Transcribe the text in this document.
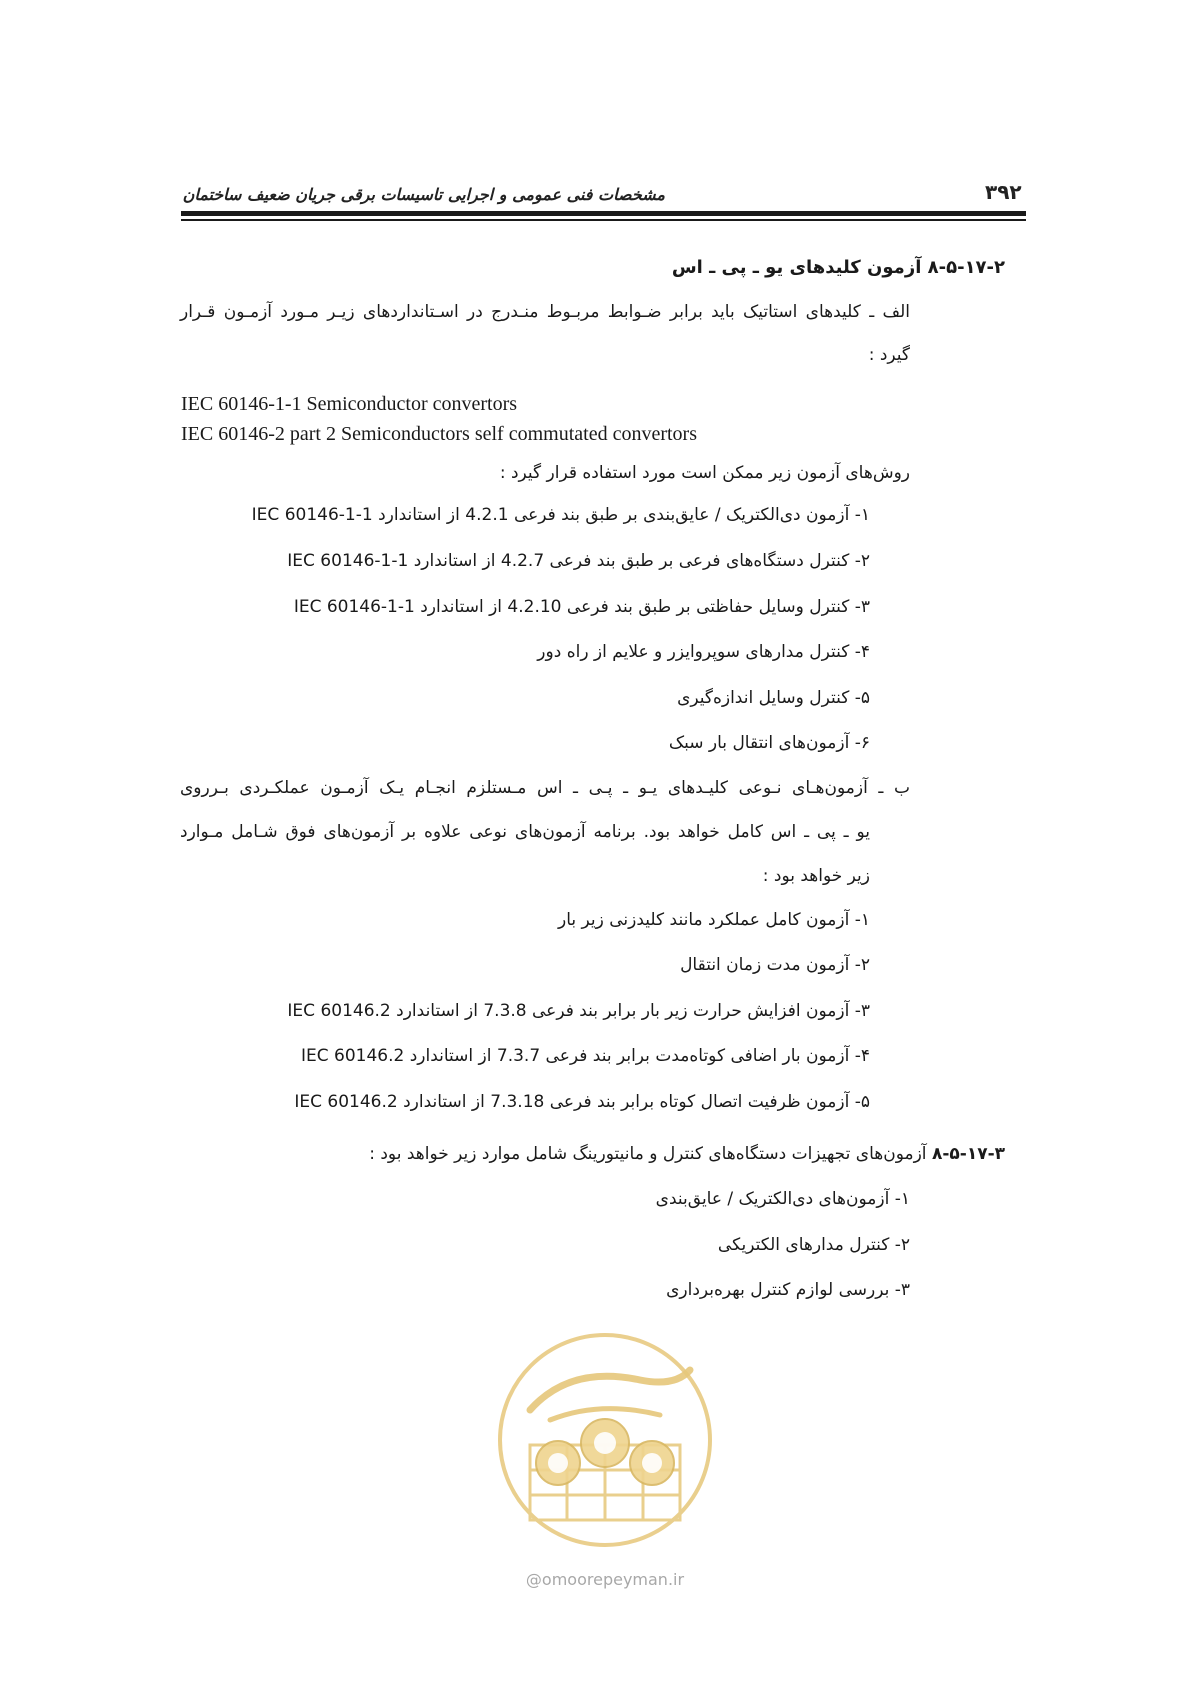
مشخصات فنی عمومی و اجرایی تاسیسات برقی جریان ضعیف ساختمان	۳۹۲
۸-۵-۱۷-۲ آزمون کلیدهای یو ـ پی ـ اس
الف ـ کلیدهای استاتیک باید برابر ضـوابط مربـوط منـدرج در اسـتانداردهای زیـر مـورد آزمـون قـرار
گیرد :
IEC 60146-1-1 Semiconductor convertors
IEC 60146-2 part 2 Semiconductors self commutated convertors
روش‌های آزمون زیر ممکن است مورد استفاده قرار گیرد :
۱- آزمون دی‌الکتریک / عایق‌بندی بر طبق بند فرعی 4.2.1 از استاندارد IEC 60146-1-1
۲- کنترل دستگاه‌های فرعی بر طبق بند فرعی 4.2.7 از استاندارد IEC 60146-1-1
۳- کنترل وسایل حفاظتی بر طبق بند فرعی 4.2.10 از استاندارد IEC 60146-1-1
۴- کنترل مدارهای سوپروایزر و علایم از راه دور
۵- کنترل وسایل اندازه‌گیری
۶- آزمون‌های انتقال بار سبک
ب ـ آزمون‌هـای نـوعی کلیـدهای یـو ـ پـی ـ اس مـستلزم انجـام یـک آزمـون عملکـردی بـرروی
یو ـ پی ـ اس کامل خواهد بود. برنامه آزمون‌های نوعی علاوه بر آزمون‌های فوق شـامل مـوارد
زیر خواهد بود :
۱- آزمون کامل عملکرد مانند کلیدزنی زیر بار
۲- آزمون مدت زمان انتقال
۳- آزمون افزایش حرارت زیر بار برابر بند فرعی 7.3.8 از استاندارد IEC 60146.2
۴- آزمون بار اضافی کوتاه‌مدت برابر بند فرعی 7.3.7 از استاندارد IEC 60146.2
۵- آزمون ظرفیت اتصال کوتاه برابر بند فرعی 7.3.18 از استاندارد IEC 60146.2
۸-۵-۱۷-۳ آزمون‌های تجهیزات دستگاه‌های کنترل و مانیتورینگ شامل موارد زیر خواهد بود :
۱- آزمون‌های دی‌الکتریک / عایق‌بندی
۲- کنترل مدارهای الکتریکی
۳- بررسی لوازم کنترل بهره‌برداری
@omoorepeyman.ir
